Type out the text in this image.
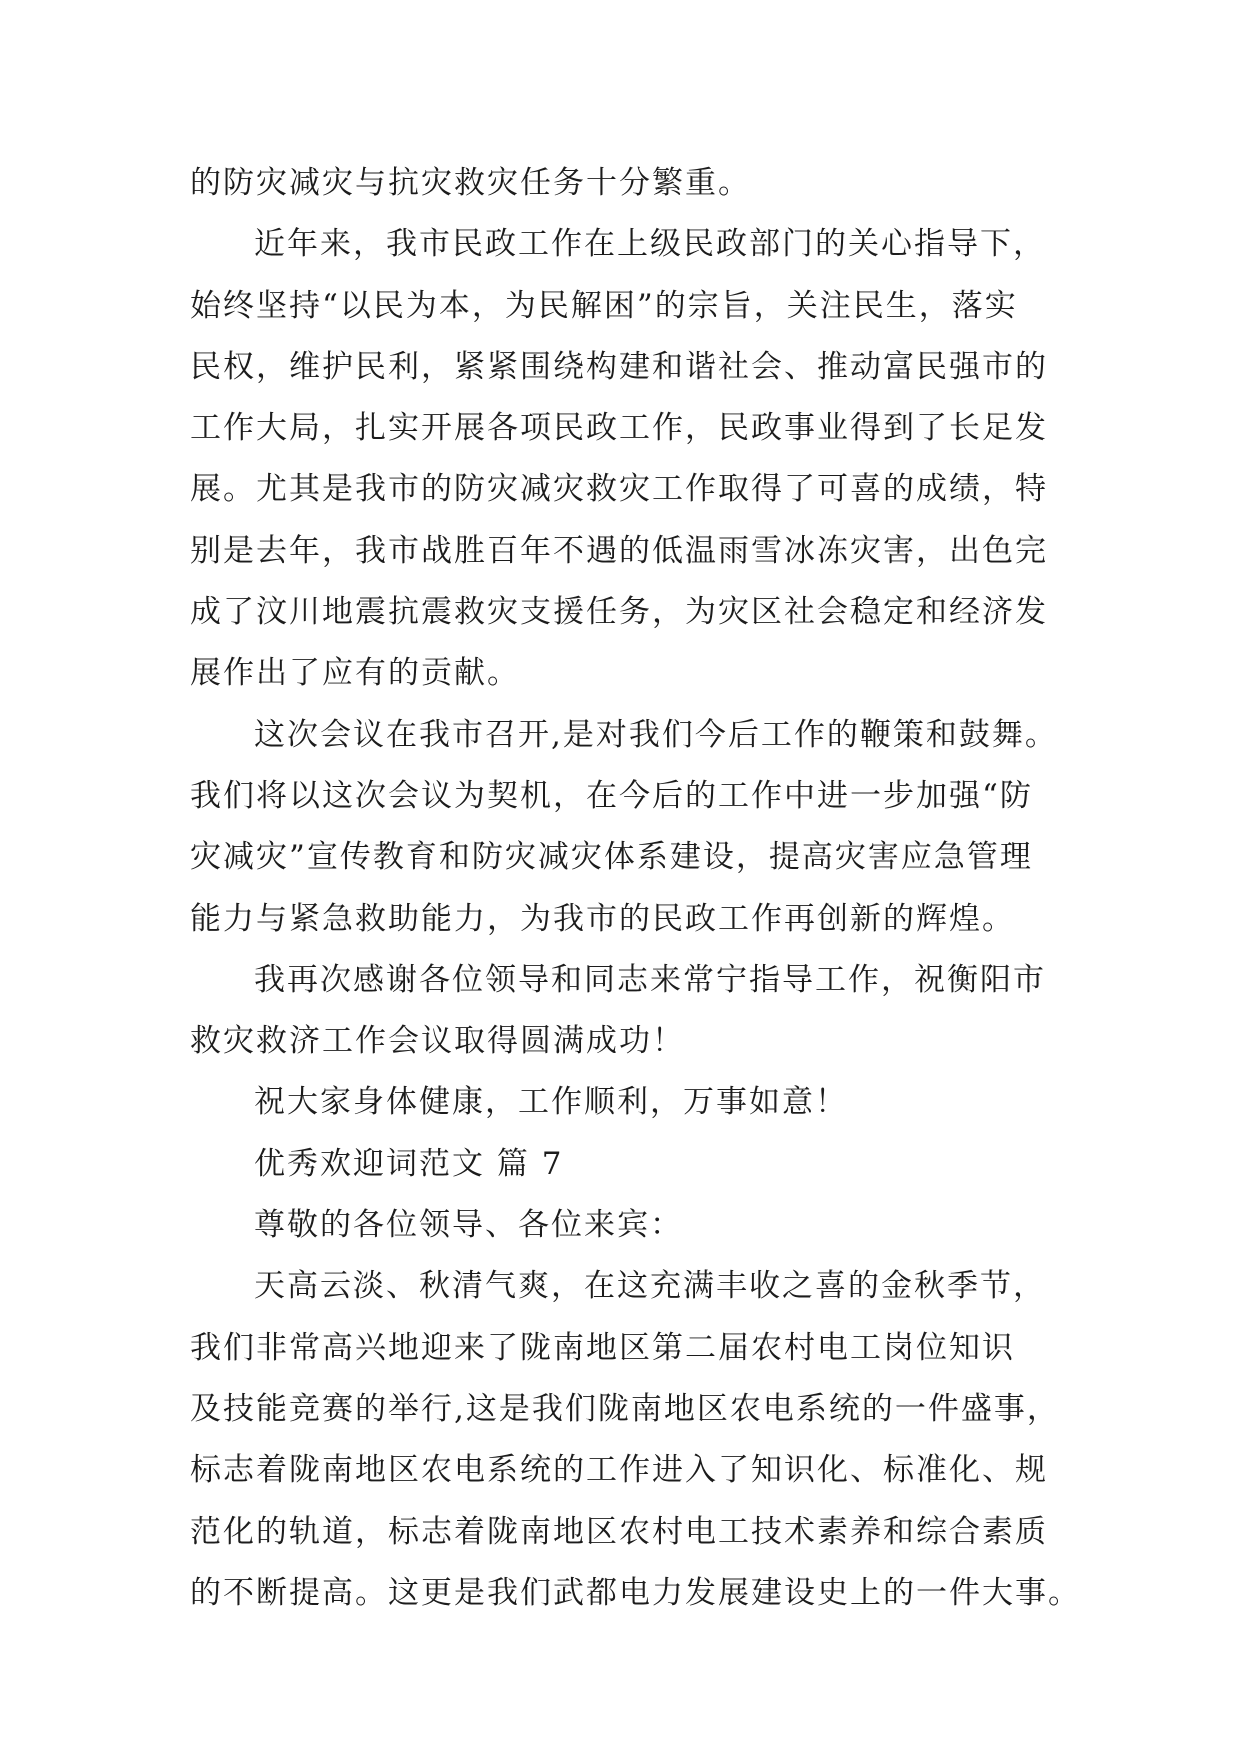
的防灾减灾与抗灾救灾任务十分繁重。

近年来，我市民政工作在上级民政部门的关心指导下，

始终坚持“以民为本，为民解困”的宗旨，关注民生，落实

民权，维护民利，紧紧围绕构建和谐社会、推动富民强市的

工作大局，扎实开展各项民政工作，民政事业得到了长足发

展。尤其是我市的防灾减灾救灾工作取得了可喜的成绩，特

别是去年，我市战胜百年不遇的低温雨雪冰冻灾害，出色完

成了汶川地震抗震救灾支援任务，为灾区社会稳定和经济发

展作出了应有的贡献。

这次会议在我市召开,是对我们今后工作的鞭策和鼓舞。

我们将以这次会议为契机，在今后的工作中进一步加强“防

灾减灾”宣传教育和防灾减灾体系建设，提高灾害应急管理

能力与紧急救助能力，为我市的民政工作再创新的辉煌。

我再次感谢各位领导和同志来常宁指导工作，祝衡阳市

救灾救济工作会议取得圆满成功！

祝大家身体健康，工作顺利，万事如意！

优秀欢迎词范文 篇 7

尊敬的各位领导、各位来宾：

天高云淡、秋清气爽，在这充满丰收之喜的金秋季节，

我们非常高兴地迎来了陇南地区第二届农村电工岗位知识

及技能竞赛的举行,这是我们陇南地区农电系统的一件盛事，

标志着陇南地区农电系统的工作进入了知识化、标准化、规

范化的轨道，标志着陇南地区农村电工技术素养和综合素质

的不断提高。这更是我们武都电力发展建设史上的一件大事。
